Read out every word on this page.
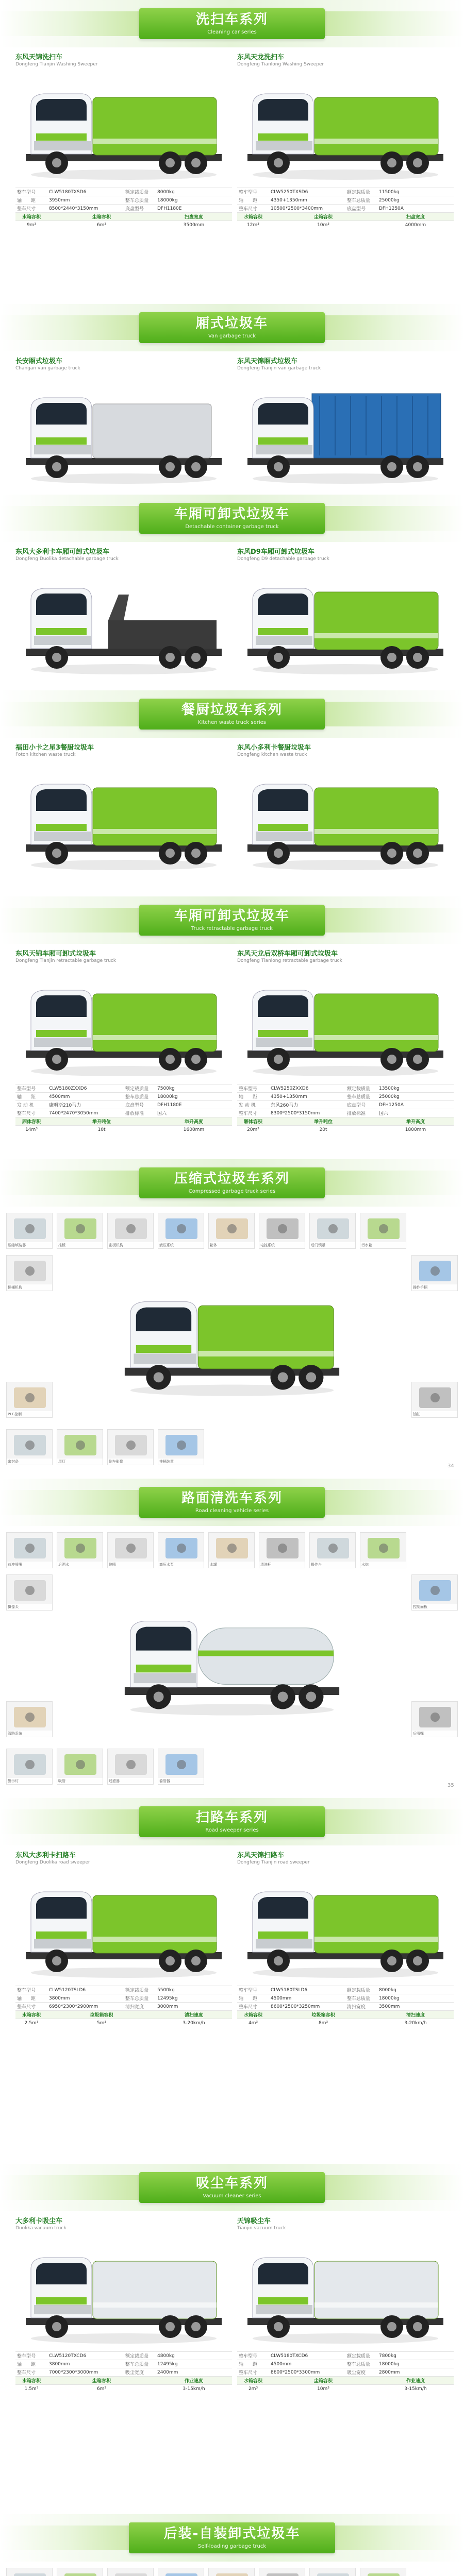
洗扫车系列
Cleaning car series
东风天锦洗扫车
Dongfeng Tianjin Washing Sweeper
整车型号	CLW5180TXSD6	额定载质量	8000kg
轴　　距	3950mm	整车总质量	18000kg
整车尺寸	8500*2440*3150mm	底盘型号	DFH1180E
水箱容积	尘箱容积		扫盘宽度
9m³	6m³		3500mm
东风天龙洗扫车
Dongfeng Tianlong Washing Sweeper
整车型号	CLW5250TXSD6	额定载质量	11500kg
轴　　距	4350+1350mm	整车总质量	25000kg
整车尺寸	10500*2500*3400mm	底盘型号	DFH1250A
水箱容积	尘箱容积		扫盘宽度
12m³	10m³		4000mm
厢式垃圾车
Van garbage truck
长安厢式垃圾车
Changan van garbage truck
东风天锦厢式垃圾车
Dongfeng Tianjin van garbage truck
车厢可卸式垃圾车
Detachable container garbage truck
东风大多利卡车厢可卸式垃圾车
Dongfeng Duolika detachable garbage truck
东风D9车厢可卸式垃圾车
Dongfeng D9 detachable garbage truck
餐厨垃圾车系列
Kitchen waste truck series
福田小卡之星3餐厨垃圾车
Foton kitchen waste truck
东风小多利卡餐厨垃圾车
Dongfeng kitchen waste truck
车厢可卸式垃圾车
Truck retractable garbage truck
东风天锦车厢可卸式垃圾车
Dongfeng Tianjin retractable garbage truck
整车型号	CLW5180ZXXD6	额定载质量	7500kg
轴　　距	4500mm	整车总质量	18000kg
发 动 机	康明斯210马力	底盘型号	DFH1180E
整车尺寸	7400*2470*3050mm	排放标准	国六
厢体容积	举升吨位		举升高度
14m³	10t		1600mm
东风天龙后双桥车厢可卸式垃圾车
Dongfeng Tianlong retractable garbage truck
整车型号	CLW5250ZXXD6	额定载质量	13500kg
轴　　距	4350+1350mm	整车总质量	25000kg
发 动 机	东风260马力	底盘型号	DFH1250A
整车尺寸	8300*2500*3150mm	排放标准	国六
厢体容积	举升吨位		举升高度
20m³	20t		1800mm
压缩式垃圾车系列
Compressed garbage truck series
压缩填装器	推板	刮板机构	液压系统	箱体	电控系统	后门锁紧	污水箱
翻桶机构	操作手柄
PLC控制	油缸
密封条	尾灯	倒车影像	挂桶装置
34
路面清洗车系列
Road cleaning vehicle series
前冲喷嘴	后洒水	侧喷	高压水泵	水罐	清洗杆	操作台	水炮
摄像头	控制面板
管路系统	后喷嘴
警示灯	吸管	过滤器	卷管器
35
扫路车系列
Road sweeper series
东风大多利卡扫路车
Dongfeng Duolika road sweeper
整车型号	CLW5120TSLD6	额定载质量	5500kg
轴　　距	3800mm	整车总质量	12495kg
整车尺寸	6950*2300*2900mm	清扫宽度	3000mm
水箱容积	垃圾箱容积		清扫速度
2.5m³	5m³		3-20km/h
东风天锦扫路车
Dongfeng Tianjin road sweeper
整车型号	CLW5180TSLD6	额定载质量	8000kg
轴　　距	4500mm	整车总质量	18000kg
整车尺寸	8600*2500*3250mm	清扫宽度	3500mm
水箱容积	垃圾箱容积		清扫速度
4m³	8m³		3-20km/h
吸尘车系列
Vacuum cleaner series
大多利卡吸尘车
Duolika vacuum truck
整车型号	CLW5120TXCD6	额定载质量	4800kg
轴　　距	3800mm	整车总质量	12495kg
整车尺寸	7000*2300*3000mm	吸尘宽度	2400mm
水箱容积	尘箱容积		作业速度
1.5m³	6m³		3-15km/h
天锦吸尘车
Tianjin vacuum truck
整车型号	CLW5180TXCD6	额定载质量	7800kg
轴　　距	4500mm	整车总质量	18000kg
整车尺寸	8600*2500*3300mm	吸尘宽度	2800mm
水箱容积	尘箱容积		作业速度
2m³	10m³		3-15km/h
后装-自装卸式垃圾车
Self-loading garbage truck
